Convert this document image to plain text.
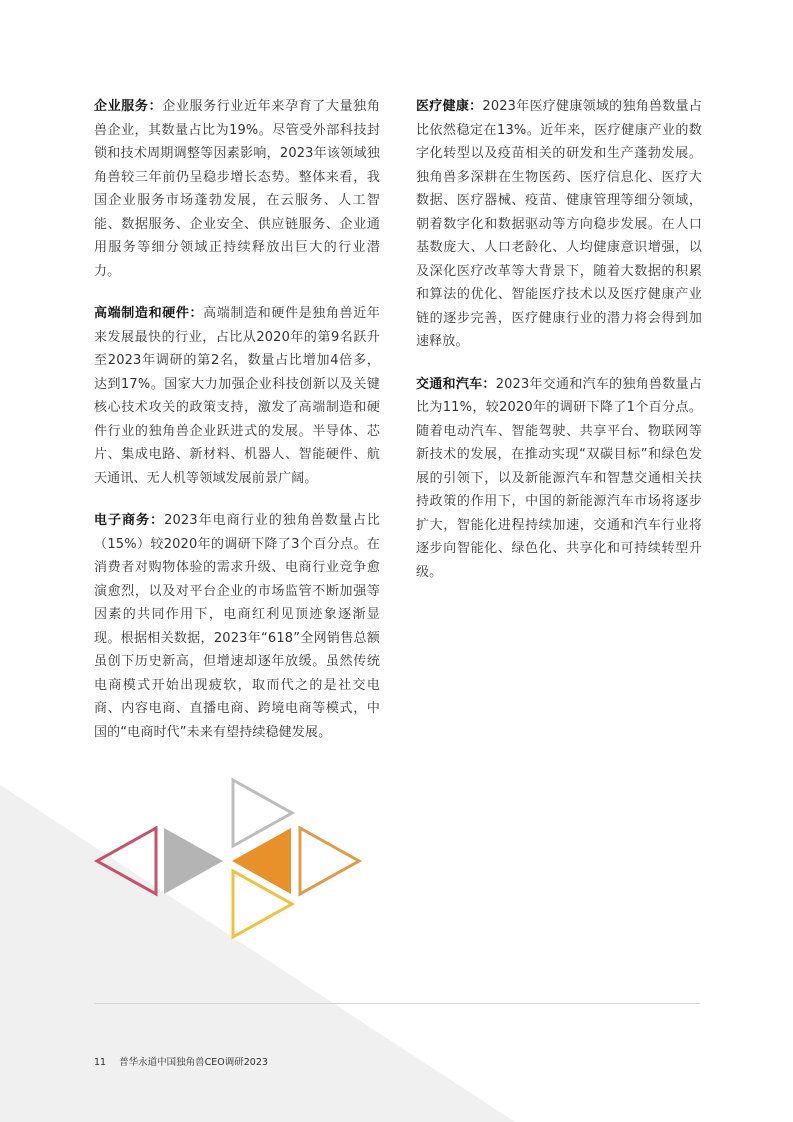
企业服务：企业服务行业近年来孕育了大量独角兽企业，其数量占比为19%。尽管受外部科技封锁和技术周期调整等因素影响，2023年该领域独角兽较三年前仍呈稳步增长态势。整体来看，我国企业服务市场蓬勃发展，在云服务、人工智能、数据服务、企业安全、供应链服务、企业通用服务等细分领域正持续释放出巨大的行业潜力。

高端制造和硬件：高端制造和硬件是独角兽近年来发展最快的行业，占比从2020年的第9名跃升至2023年调研的第2名，数量占比增加4倍多，达到17%。国家大力加强企业科技创新以及关键核心技术攻关的政策支持，激发了高端制造和硬件行业的独角兽企业跃进式的发展。半导体、芯片、集成电路、新材料、机器人、智能硬件、航天通讯、无人机等领域发展前景广阔。

电子商务：2023年电商行业的独角兽数量占比（15%）较2020年的调研下降了3个百分点。在消费者对购物体验的需求升级、电商行业竞争愈演愈烈，以及对平台企业的市场监管不断加强等因素的共同作用下，电商红利见顶迹象逐渐显现。根据相关数据，2023年“618”全网销售总额虽创下历史新高，但增速却逐年放缓。虽然传统电商模式开始出现疲软，取而代之的是社交电商、内容电商、直播电商、跨境电商等模式，中国的“电商时代”未来有望持续稳健发展。

医疗健康：2023年医疗健康领域的独角兽数量占比依然稳定在13%。近年来，医疗健康产业的数字化转型以及疫苗相关的研发和生产蓬勃发展。独角兽多深耕在生物医药、医疗信息化、医疗大数据、医疗器械、疫苗、健康管理等细分领域，朝着数字化和数据驱动等方向稳步发展。在人口基数庞大、人口老龄化、人均健康意识增强，以及深化医疗改革等大背景下，随着大数据的积累和算法的优化、智能医疗技术以及医疗健康产业链的逐步完善，医疗健康行业的潜力将会得到加速释放。

交通和汽车：2023年交通和汽车的独角兽数量占比为11%，较2020年的调研下降了1个百分点。随着电动汽车、智能驾驶、共享平台、物联网等新技术的发展，在推动实现“双碳目标”和绿色发展的引领下，以及新能源汽车和智慧交通相关扶持政策的作用下，中国的新能源汽车市场将逐步扩大，智能化进程持续加速，交通和汽车行业将逐步向智能化、绿色化、共享化和可持续转型升级。

11 普华永道中国独角兽CEO调研2023
